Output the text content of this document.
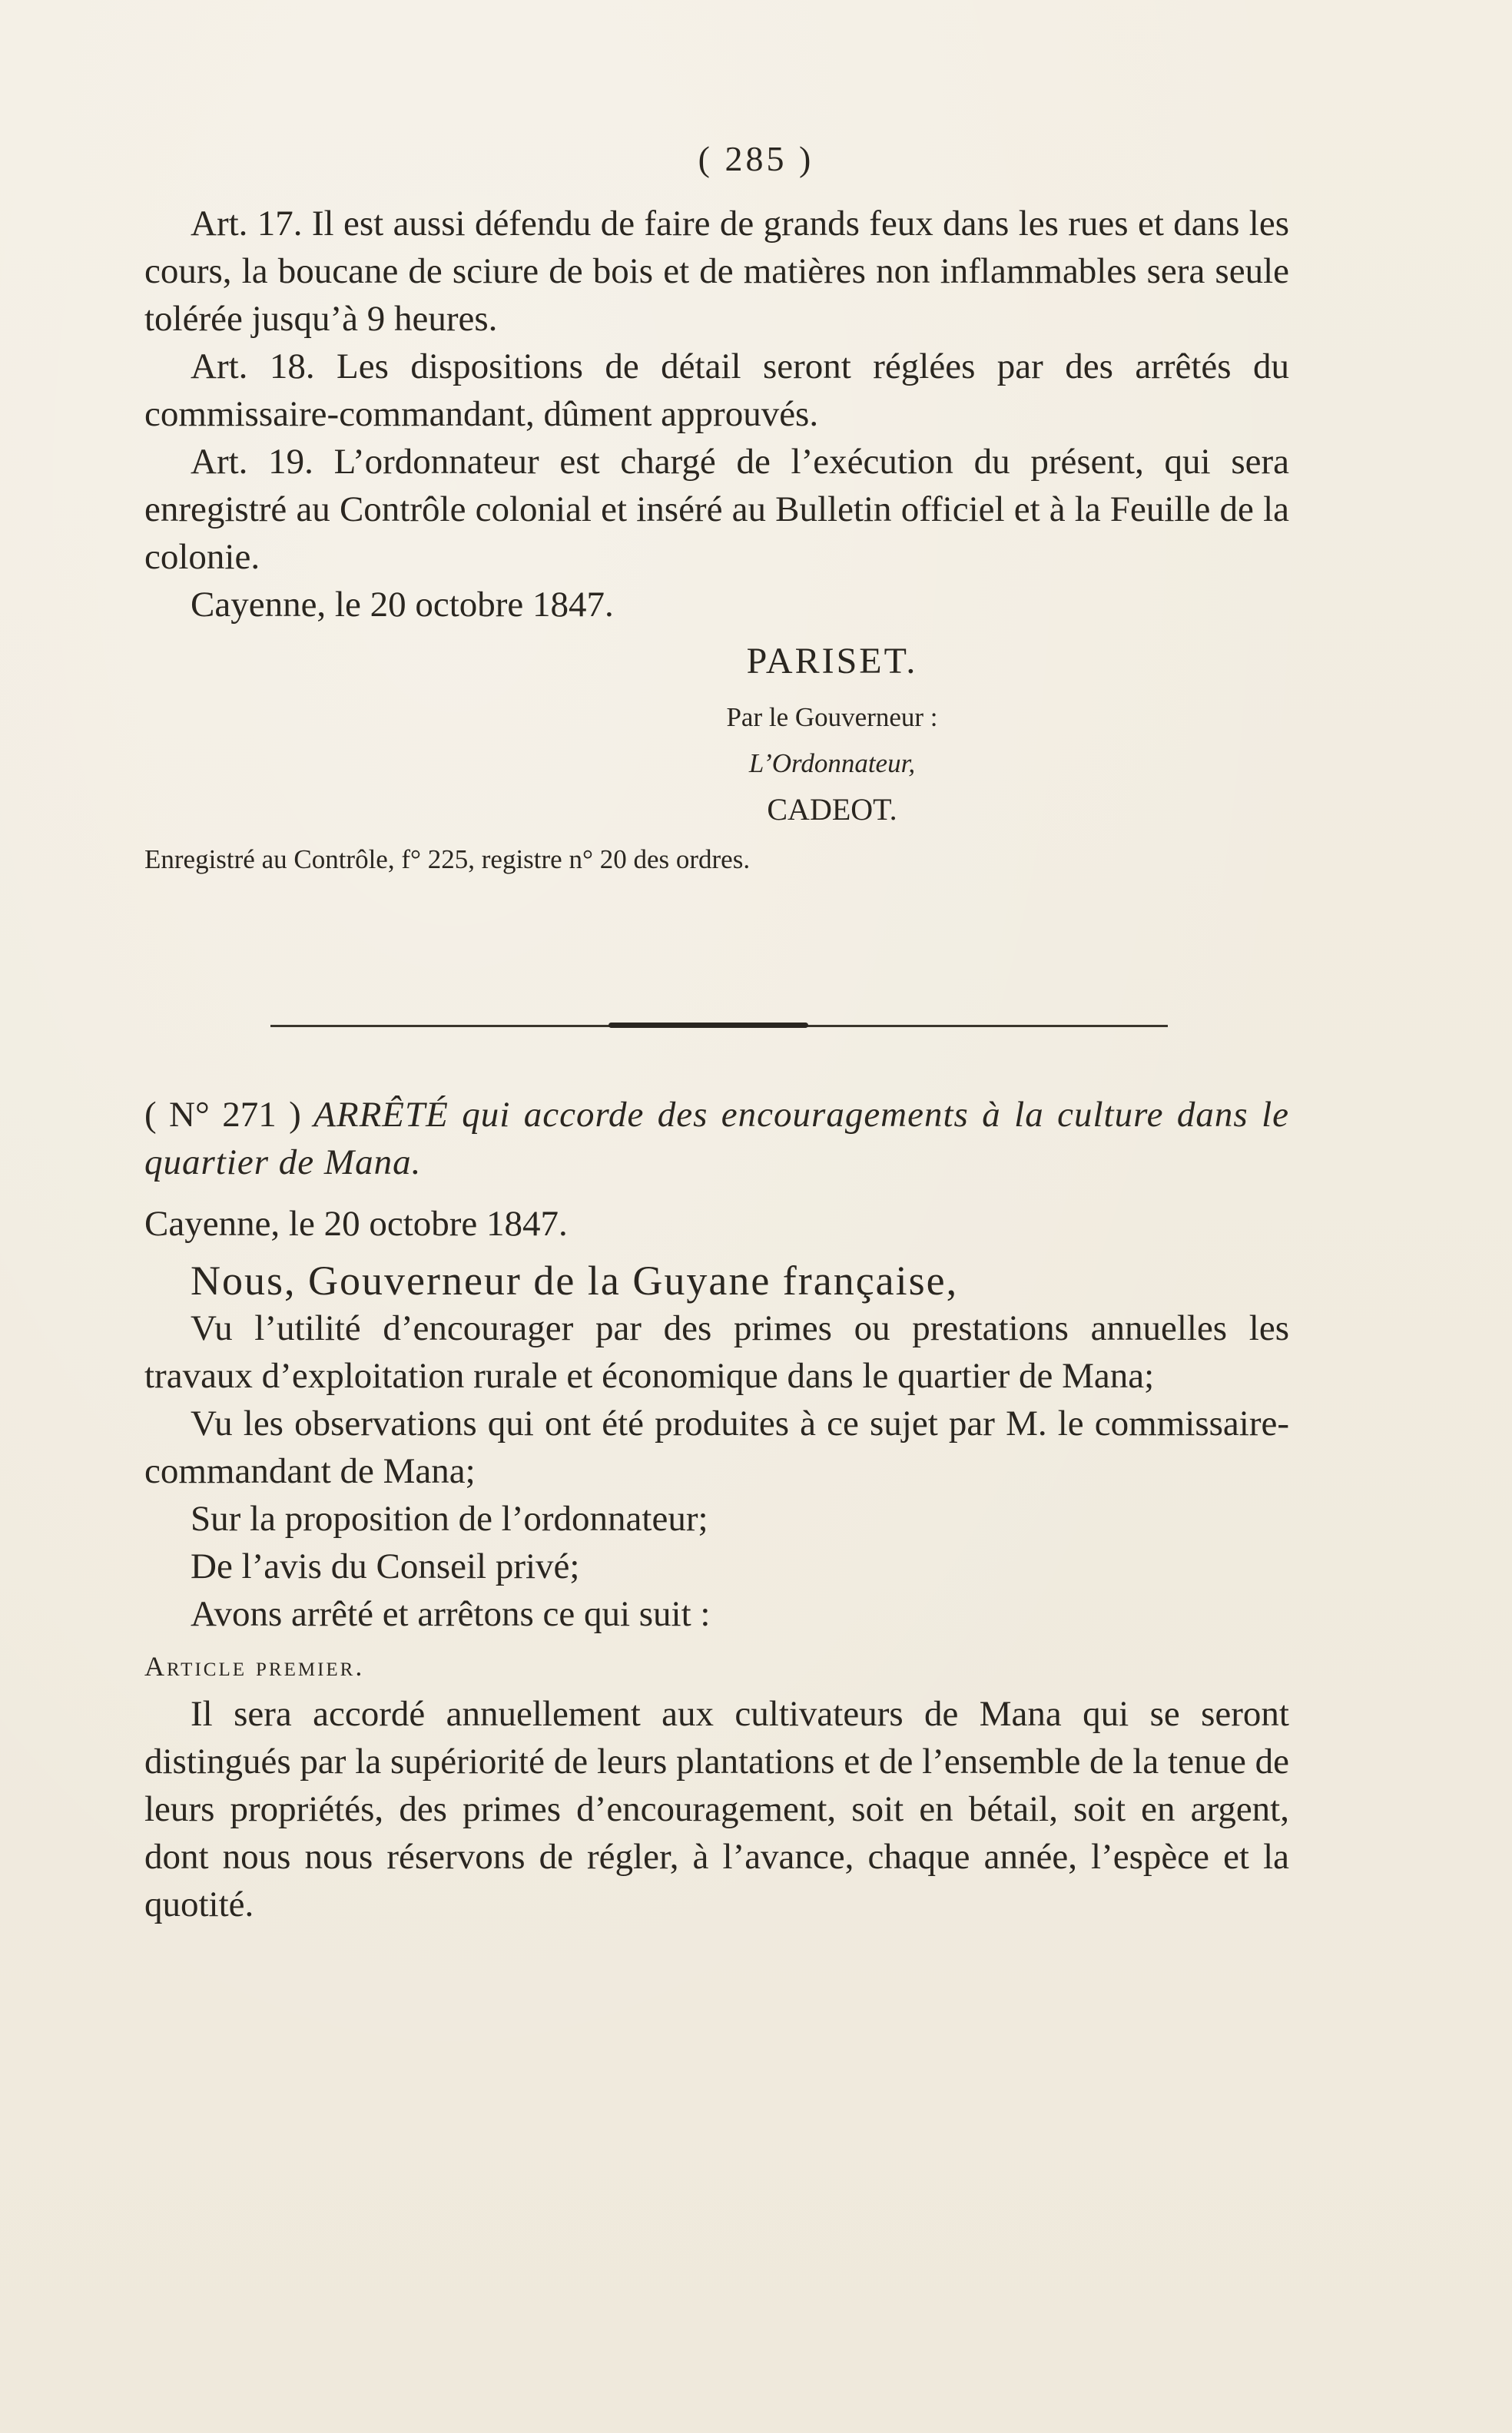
( 285 )

Art. 17. Il est aussi défendu de faire de grands feux dans les rues et dans les cours, la boucane de sciure de bois et de matières non inflammables sera seule tolérée jusqu’à 9 heures.

Art. 18. Les dispositions de détail seront réglées par des arrêtés du commissaire-commandant, dûment approuvés.

Art. 19. L’ordonnateur est chargé de l’exécution du présent, qui sera enregistré au Contrôle colonial et inséré au Bulletin officiel et à la Feuille de la colonie.

Cayenne, le 20 octobre 1847.

PARISET.
Par le Gouverneur :
L’Ordonnateur,
CADEOT.

Enregistré au Contrôle, f° 225, registre n° 20 des ordres.

( N° 271 ) ARRÊTÉ qui accorde des encouragements à la culture dans le quartier de Mana.

Cayenne, le 20 octobre 1847.

Nous, Gouverneur de la Guyane française,

Vu l’utilité d’encourager par des primes ou prestations annuelles les travaux d’exploitation rurale et économique dans le quartier de Mana;

Vu les observations qui ont été produites à ce sujet par M. le commissaire-commandant de Mana;

Sur la proposition de l’ordonnateur;

De l’avis du Conseil privé;

Avons arrêté et arrêtons ce qui suit :

Article premier.

Il sera accordé annuellement aux cultivateurs de Mana qui se seront distingués par la supériorité de leurs plantations et de l’ensemble de la tenue de leurs propriétés, des primes d’encouragement, soit en bétail, soit en argent, dont nous nous réservons de régler, à l’avance, chaque année, l’espèce et la quotité.
